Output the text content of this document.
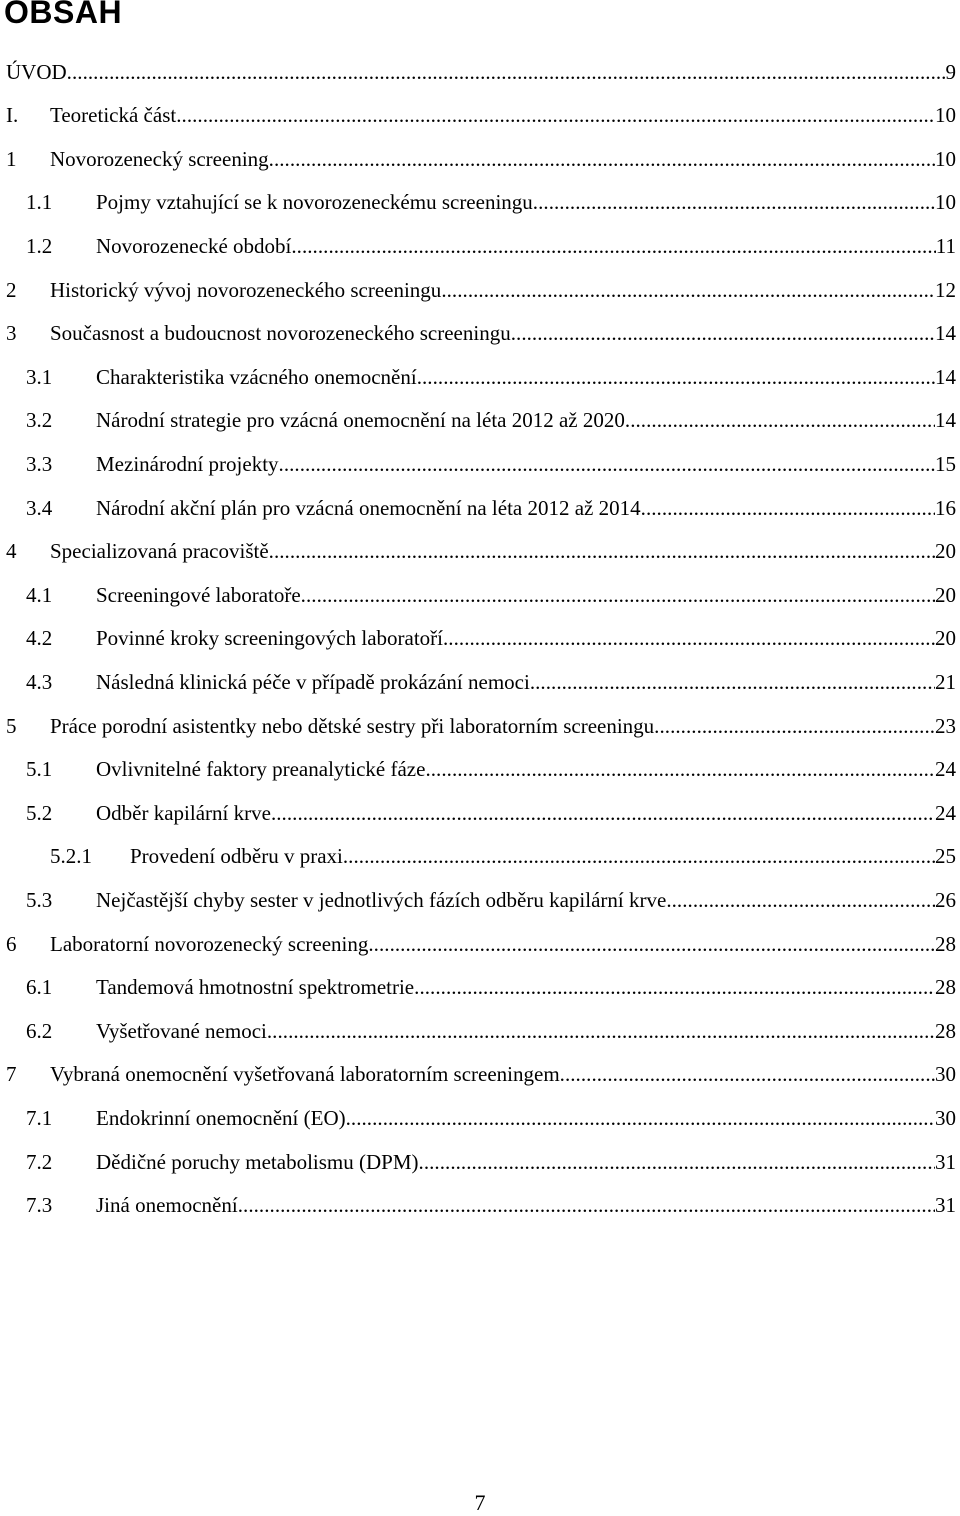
OBSAH
ÚVOD . . .	9
I. Teoretická část . . .	10
1 Novorozenecký screening . . .	10
1.1 Pojmy vztahující se k novorozeneckému screeningu . . .	10
1.2 Novorozenecké období . . .	11
2 Historický vývoj novorozeneckého screeningu . . .	12
3 Současnost a budoucnost novorozeneckého screeningu . . .	14
3.1 Charakteristika vzácného onemocnění . . .	14
3.2 Národní strategie pro vzácná onemocnění na léta 2012 až 2020 . . .	14
3.3 Mezinárodní projekty . . .	15
3.4 Národní akční plán pro vzácná onemocnění na léta 2012 až 2014 . . .	16
4 Specializovaná pracoviště . . .	20
4.1 Screeningové laboratoře . . .	20
4.2 Povinné kroky screeningových laboratoří . . .	20
4.3 Následná klinická péče v případě prokázání nemoci . . .	21
5 Práce porodní asistentky nebo dětské sestry při laboratorním screeningu . . .	23
5.1 Ovlivnitelné faktory preanalytické fáze . . .	24
5.2 Odběr kapilární krve . . .	24
5.2.1 Provedení odběru v praxi . . .	25
5.3 Nejčastější chyby sester v jednotlivých fázích odběru kapilární krve . . .	26
6 Laboratorní novorozenecký screening . . .	28
6.1 Tandemová hmotnostní spektrometrie . . .	28
6.2 Vyšetřované nemoci . . .	28
7 Vybraná onemocnění vyšetřovaná laboratorním screeningem . . .	30
7.1 Endokrinní onemocnění (EO) . . .	30
7.2 Dědičné poruchy metabolismu (DPM) . . .	31
7.3 Jiná onemocnění . . .	31
7
